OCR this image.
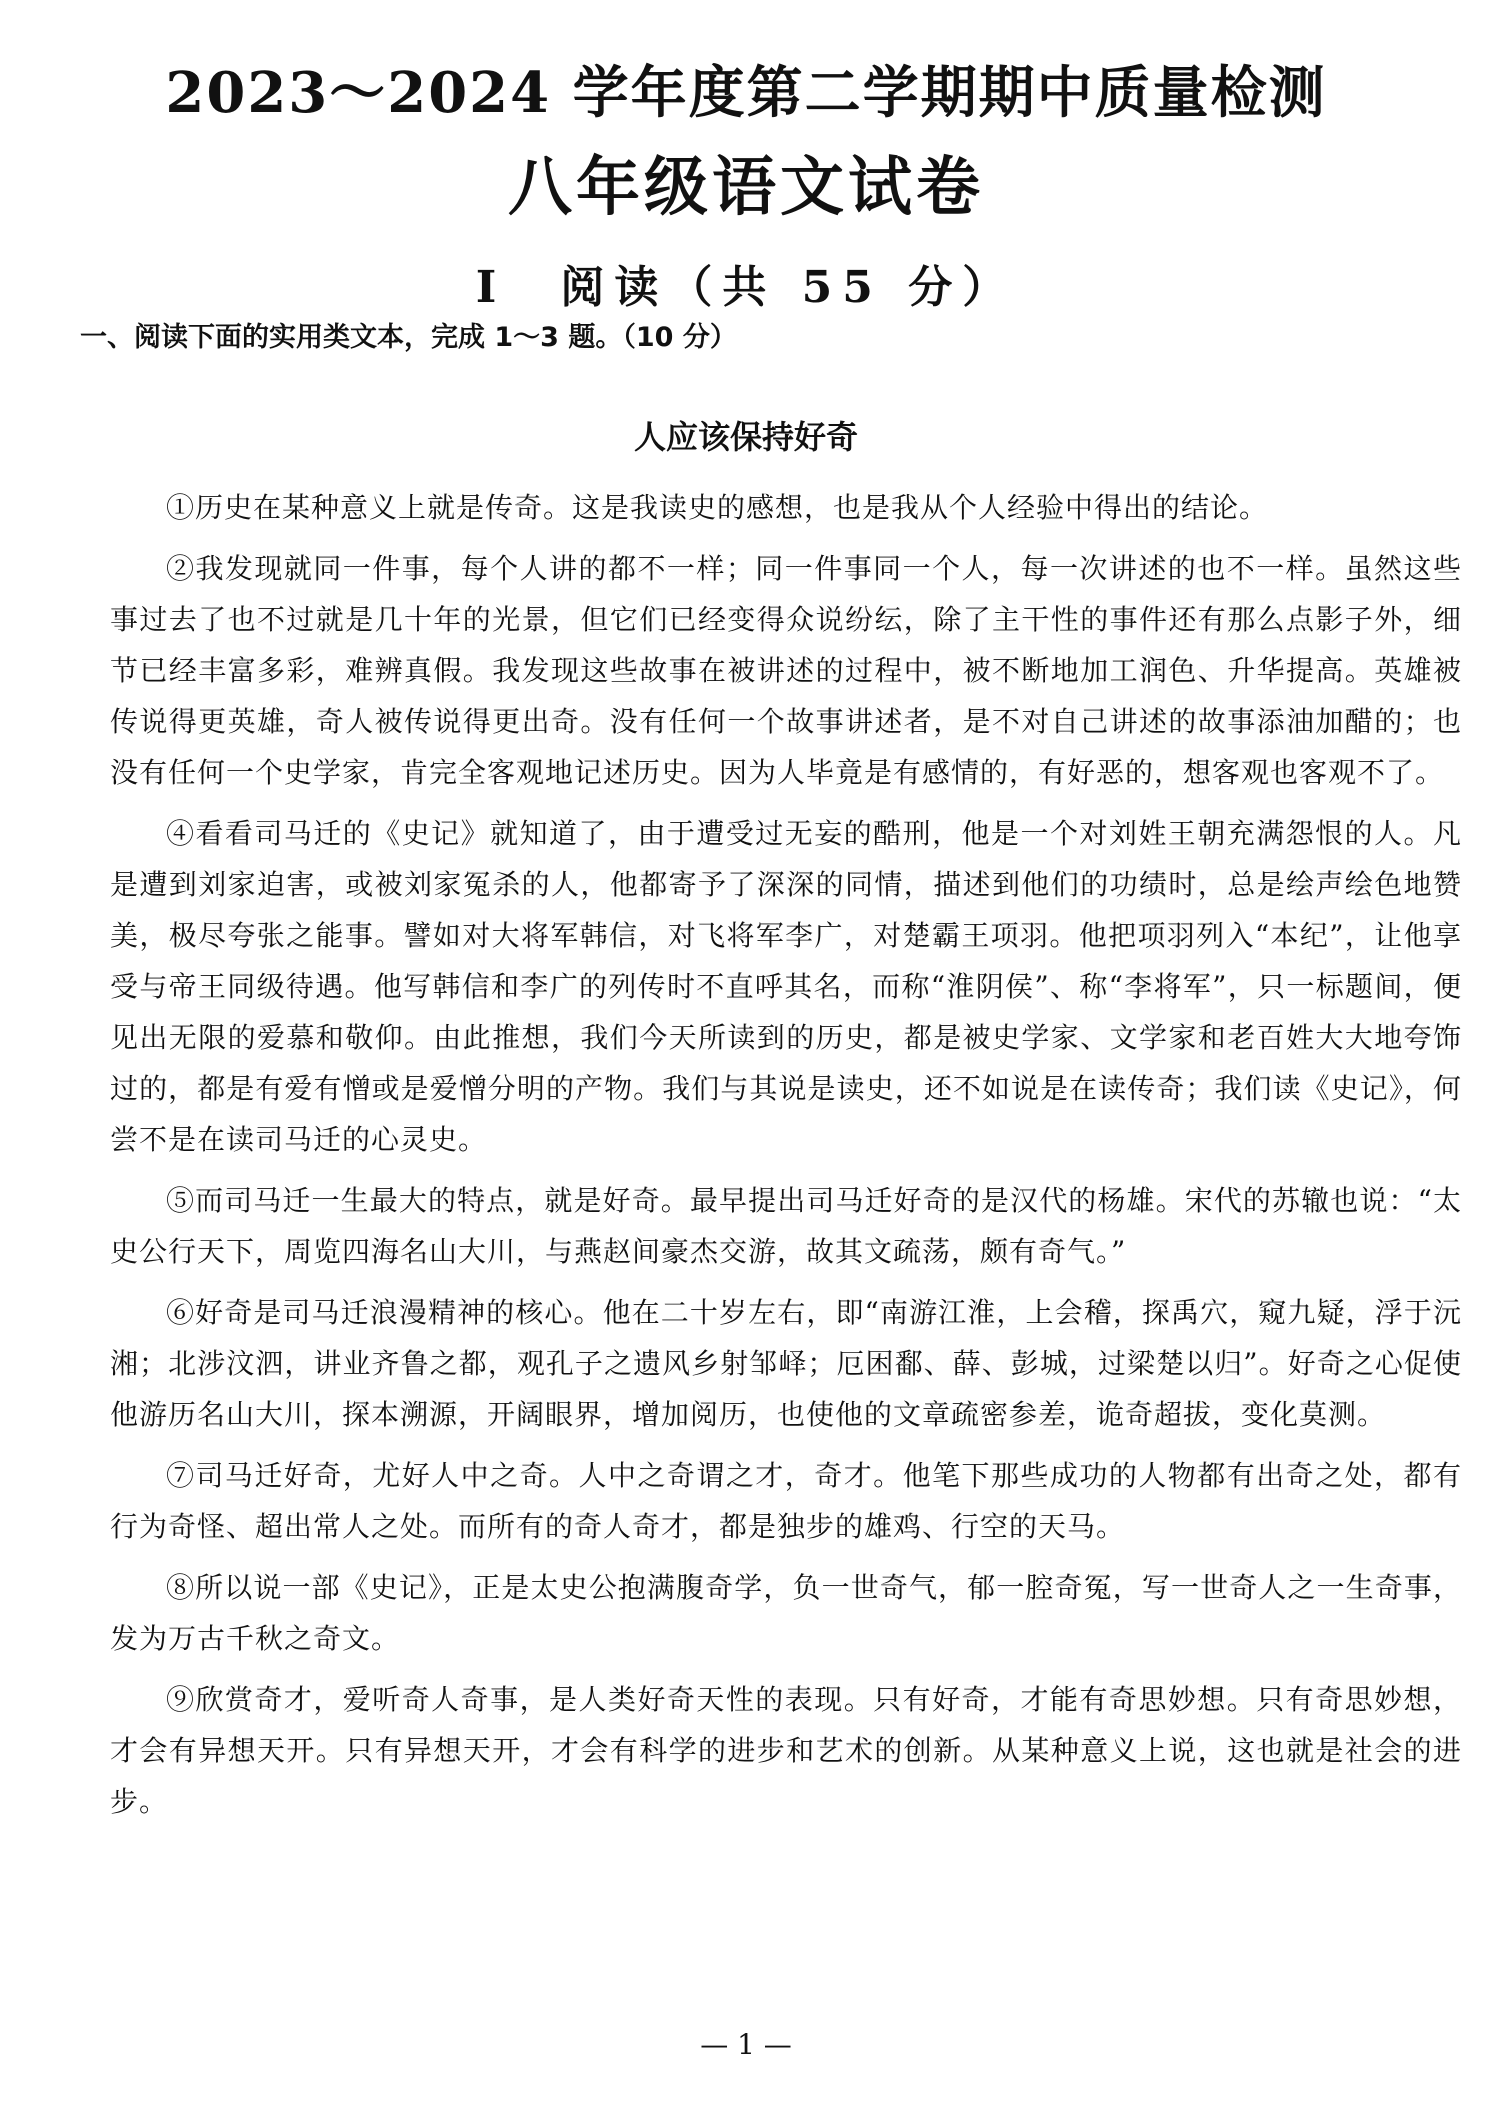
2023～2024 学年度第二学期期中质量检测
八年级语文试卷
Ⅰ　阅读（共 55 分）
一、阅读下面的实用类文本，完成 1～3 题。（10 分）
人应该保持好奇

①历史在某种意义上就是传奇。这是我读史的感想，也是我从个人经验中得出的结论。

②我发现就同一件事，每个人讲的都不一样；同一件事同一个人，每一次讲述的也不一样。虽然这些事过去了也不过就是几十年的光景，但它们已经变得众说纷纭，除了主干性的事件还有那么点影子外，细节已经丰富多彩，难辨真假。我发现这些故事在被讲述的过程中，被不断地加工润色、升华提高。英雄被传说得更英雄，奇人被传说得更出奇。没有任何一个故事讲述者，是不对自己讲述的故事添油加醋的；也没有任何一个史学家，肯完全客观地记述历史。因为人毕竟是有感情的，有好恶的，想客观也客观不了。

④看看司马迁的《史记》就知道了，由于遭受过无妄的酷刑，他是一个对刘姓王朝充满怨恨的人。凡是遭到刘家迫害，或被刘家冤杀的人，他都寄予了深深的同情，描述到他们的功绩时，总是绘声绘色地赞美，极尽夸张之能事。譬如对大将军韩信，对飞将军李广，对楚霸王项羽。他把项羽列入“本纪”，让他享受与帝王同级待遇。他写韩信和李广的列传时不直呼其名，而称“淮阴侯”、称“李将军”，只一标题间，便见出无限的爱慕和敬仰。由此推想，我们今天所读到的历史，都是被史学家、文学家和老百姓大大地夸饰过的，都是有爱有憎或是爱憎分明的产物。我们与其说是读史，还不如说是在读传奇；我们读《史记》，何尝不是在读司马迁的心灵史。

⑤而司马迁一生最大的特点，就是好奇。最早提出司马迁好奇的是汉代的杨雄。宋代的苏辙也说：“太史公行天下，周览四海名山大川，与燕赵间豪杰交游，故其文疏荡，颇有奇气。”

⑥好奇是司马迁浪漫精神的核心。他在二十岁左右，即“南游江淮，上会稽，探禹穴，窥九疑，浮于沅湘；北涉汶泗，讲业齐鲁之都，观孔子之遗风乡射邹峄；厄困鄱、薛、彭城，过梁楚以归”。好奇之心促使他游历名山大川，探本溯源，开阔眼界，增加阅历，也使他的文章疏密参差，诡奇超拔，变化莫测。

⑦司马迁好奇，尤好人中之奇。人中之奇谓之才，奇才。他笔下那些成功的人物都有出奇之处，都有行为奇怪、超出常人之处。而所有的奇人奇才，都是独步的雄鸡、行空的天马。

⑧所以说一部《史记》，正是太史公抱满腹奇学，负一世奇气，郁一腔奇冤，写一世奇人之一生奇事，发为万古千秋之奇文。

⑨欣赏奇才，爱听奇人奇事，是人类好奇天性的表现。只有好奇，才能有奇思妙想。只有奇思妙想，才会有异想天开。只有异想天开，才会有科学的进步和艺术的创新。从某种意义上说，这也就是社会的进步。

— 1 —
